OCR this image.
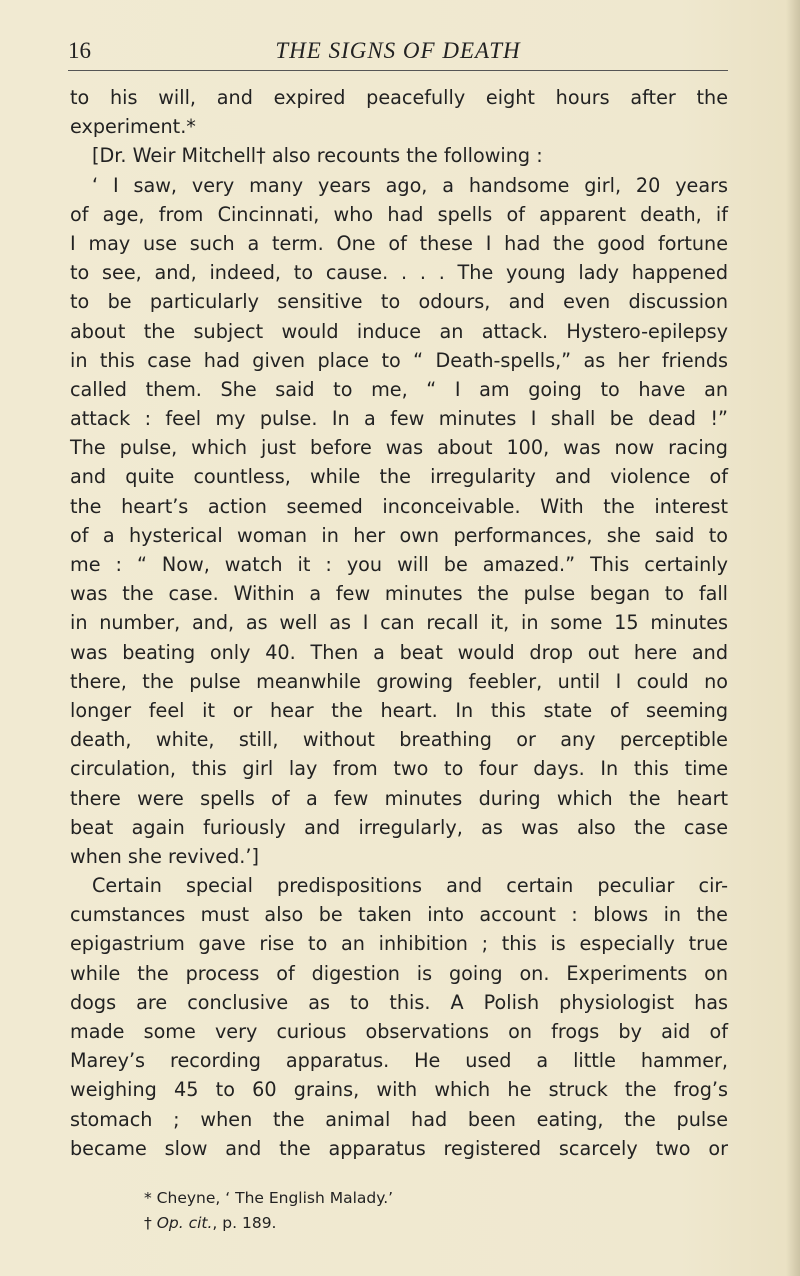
16	THE SIGNS OF DEATH
to his will, and expired peacefully eight hours after the
experiment.*
[Dr. Weir Mitchell† also recounts the following :
‘ I saw, very many years ago, a handsome girl, 20 years
of age, from Cincinnati, who had spells of apparent death, if
I may use such a term. One of these I had the good fortune
to see, and, indeed, to cause. . . . The young lady happened
to be particularly sensitive to odours, and even discussion
about the subject would induce an attack. Hystero-epilepsy
in this case had given place to “ Death-spells,” as her friends
called them. She said to me, “ I am going to have an
attack : feel my pulse. In a few minutes I shall be dead !”
The pulse, which just before was about 100, was now racing
and quite countless, while the irregularity and violence of
the heart’s action seemed inconceivable. With the interest
of a hysterical woman in her own performances, she said to
me : “ Now, watch it : you will be amazed.” This certainly
was the case. Within a few minutes the pulse began to fall
in number, and, as well as I can recall it, in some 15 minutes
was beating only 40. Then a beat would drop out here and
there, the pulse meanwhile growing feebler, until I could no
longer feel it or hear the heart. In this state of seeming
death, white, still, without breathing or any perceptible
circulation, this girl lay from two to four days. In this time
there were spells of a few minutes during which the heart
beat again furiously and irregularly, as was also the case
when she revived.’]
Certain special predispositions and certain peculiar cir-
cumstances must also be taken into account : blows in the
epigastrium gave rise to an inhibition ; this is especially true
while the process of digestion is going on. Experiments on
dogs are conclusive as to this. A Polish physiologist has
made some very curious observations on frogs by aid of
Marey’s recording apparatus. He used a little hammer,
weighing 45 to 60 grains, with which he struck the frog’s
stomach ; when the animal had been eating, the pulse
became slow and the apparatus registered scarcely two or
* Cheyne, ‘ The English Malady.’
† Op. cit., p. 189.
